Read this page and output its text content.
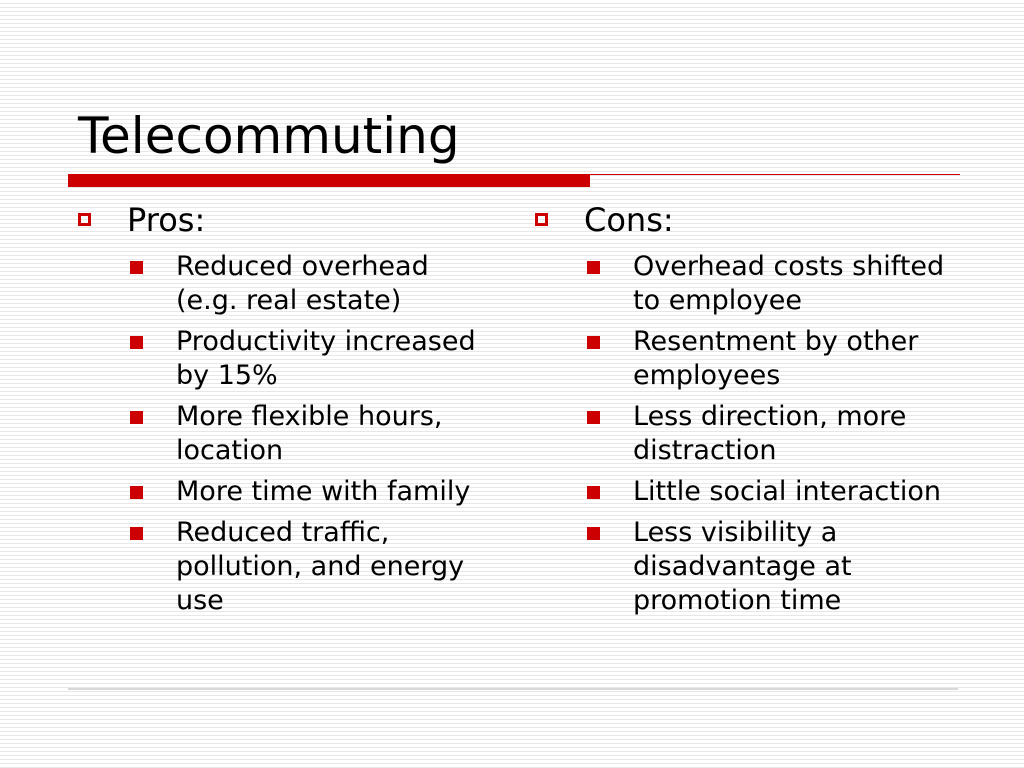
Telecommuting
Pros:
Reduced overhead (e.g. real estate)
Productivity increased by 15%
More flexible hours, location
More time with family
Reduced traffic, pollution, and energy use
Cons:
Overhead costs shifted to employee
Resentment by other employees
Less direction, more distraction
Little social interaction
Less visibility a disadvantage at promotion time
